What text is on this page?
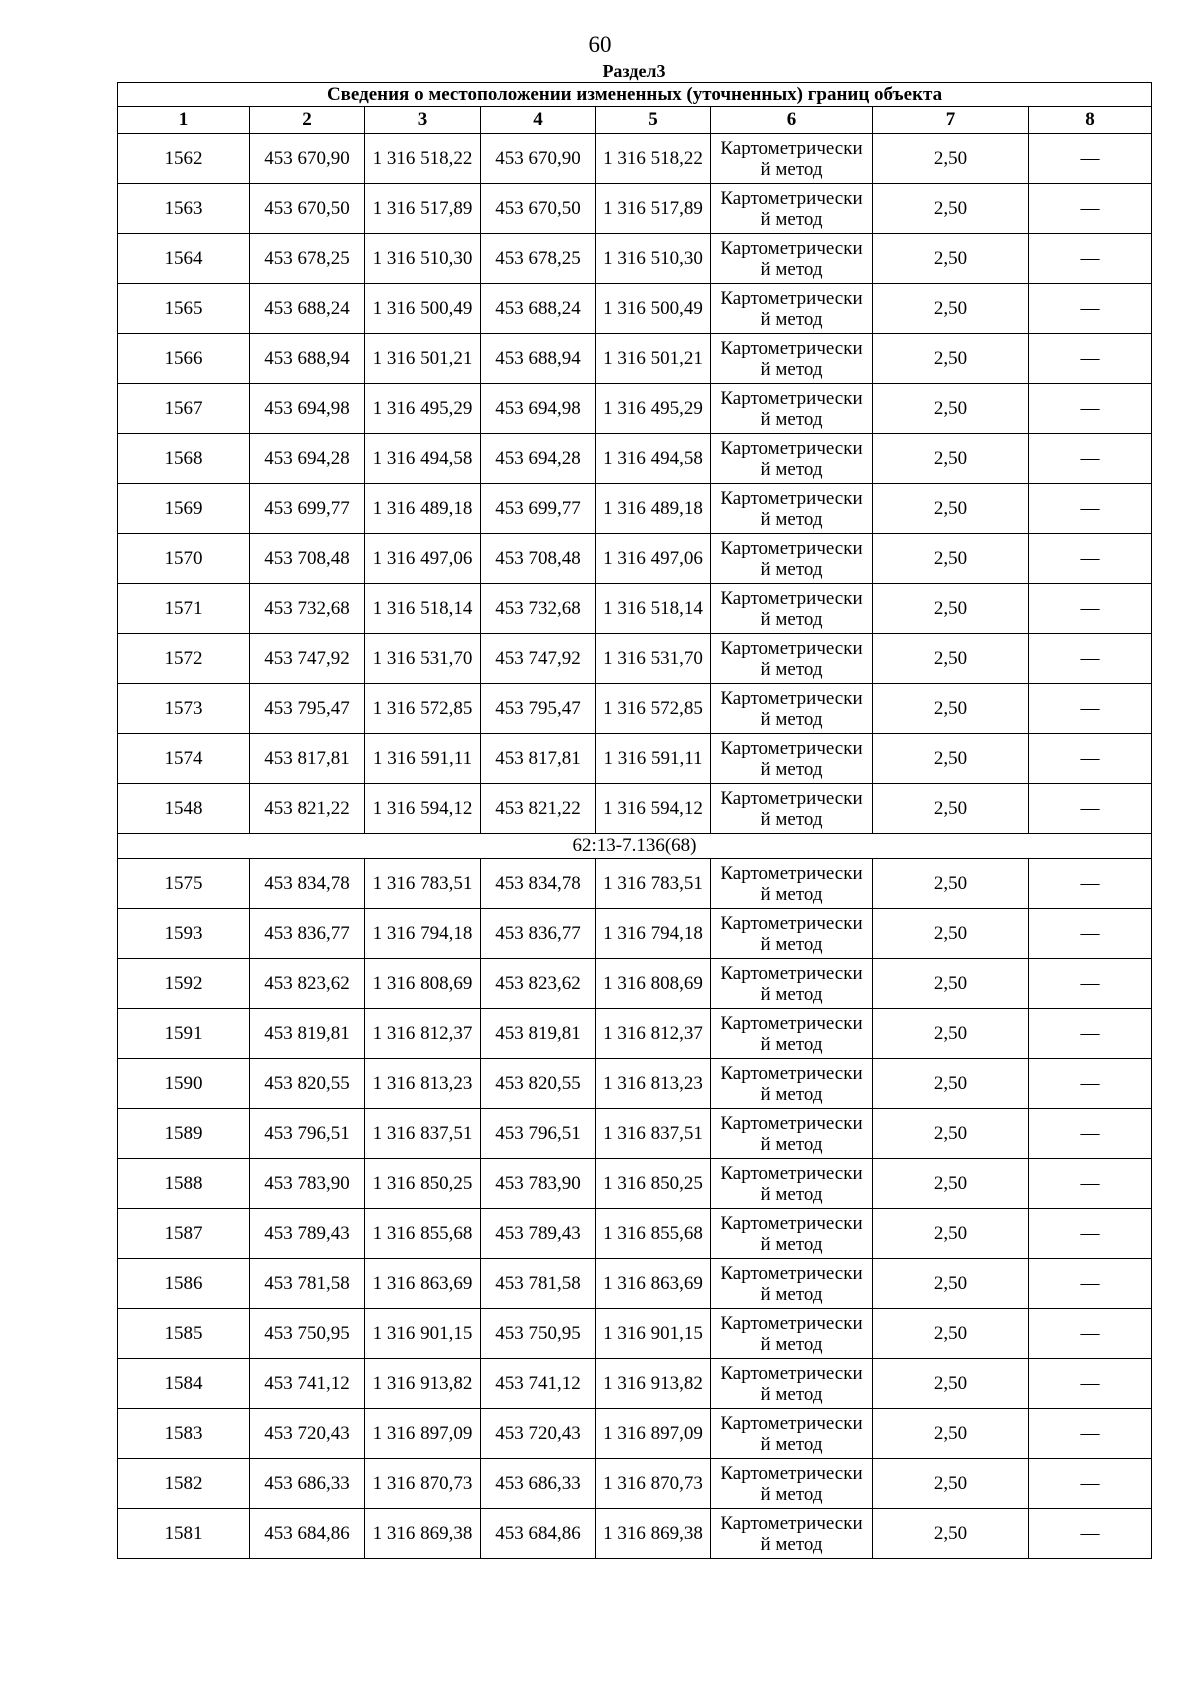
60
Раздел3
Сведения о местоположении измененных (уточненных) границ объекта							
1	2	3	4	5	6	7	8
1562	453 670,90	1 316 518,22	453 670,90	1 316 518,22	Картометрический метод	2,50	—
1563	453 670,50	1 316 517,89	453 670,50	1 316 517,89	Картометрический метод	2,50	—
1564	453 678,25	1 316 510,30	453 678,25	1 316 510,30	Картометрический метод	2,50	—
1565	453 688,24	1 316 500,49	453 688,24	1 316 500,49	Картометрический метод	2,50	—
1566	453 688,94	1 316 501,21	453 688,94	1 316 501,21	Картометрический метод	2,50	—
1567	453 694,98	1 316 495,29	453 694,98	1 316 495,29	Картометрический метод	2,50	—
1568	453 694,28	1 316 494,58	453 694,28	1 316 494,58	Картометрический метод	2,50	—
1569	453 699,77	1 316 489,18	453 699,77	1 316 489,18	Картометрический метод	2,50	—
1570	453 708,48	1 316 497,06	453 708,48	1 316 497,06	Картометрический метод	2,50	—
1571	453 732,68	1 316 518,14	453 732,68	1 316 518,14	Картометрический метод	2,50	—
1572	453 747,92	1 316 531,70	453 747,92	1 316 531,70	Картометрический метод	2,50	—
1573	453 795,47	1 316 572,85	453 795,47	1 316 572,85	Картометрический метод	2,50	—
1574	453 817,81	1 316 591,11	453 817,81	1 316 591,11	Картометрический метод	2,50	—
1548	453 821,22	1 316 594,12	453 821,22	1 316 594,12	Картометрический метод	2,50	—
62:13-7.136(68)							
1575	453 834,78	1 316 783,51	453 834,78	1 316 783,51	Картометрический метод	2,50	—
1593	453 836,77	1 316 794,18	453 836,77	1 316 794,18	Картометрический метод	2,50	—
1592	453 823,62	1 316 808,69	453 823,62	1 316 808,69	Картометрический метод	2,50	—
1591	453 819,81	1 316 812,37	453 819,81	1 316 812,37	Картометрический метод	2,50	—
1590	453 820,55	1 316 813,23	453 820,55	1 316 813,23	Картометрический метод	2,50	—
1589	453 796,51	1 316 837,51	453 796,51	1 316 837,51	Картометрический метод	2,50	—
1588	453 783,90	1 316 850,25	453 783,90	1 316 850,25	Картометрический метод	2,50	—
1587	453 789,43	1 316 855,68	453 789,43	1 316 855,68	Картометрический метод	2,50	—
1586	453 781,58	1 316 863,69	453 781,58	1 316 863,69	Картометрический метод	2,50	—
1585	453 750,95	1 316 901,15	453 750,95	1 316 901,15	Картометрический метод	2,50	—
1584	453 741,12	1 316 913,82	453 741,12	1 316 913,82	Картометрический метод	2,50	—
1583	453 720,43	1 316 897,09	453 720,43	1 316 897,09	Картометрический метод	2,50	—
1582	453 686,33	1 316 870,73	453 686,33	1 316 870,73	Картометрический метод	2,50	—
1581	453 684,86	1 316 869,38	453 684,86	1 316 869,38	Картометрический метод	2,50	—
